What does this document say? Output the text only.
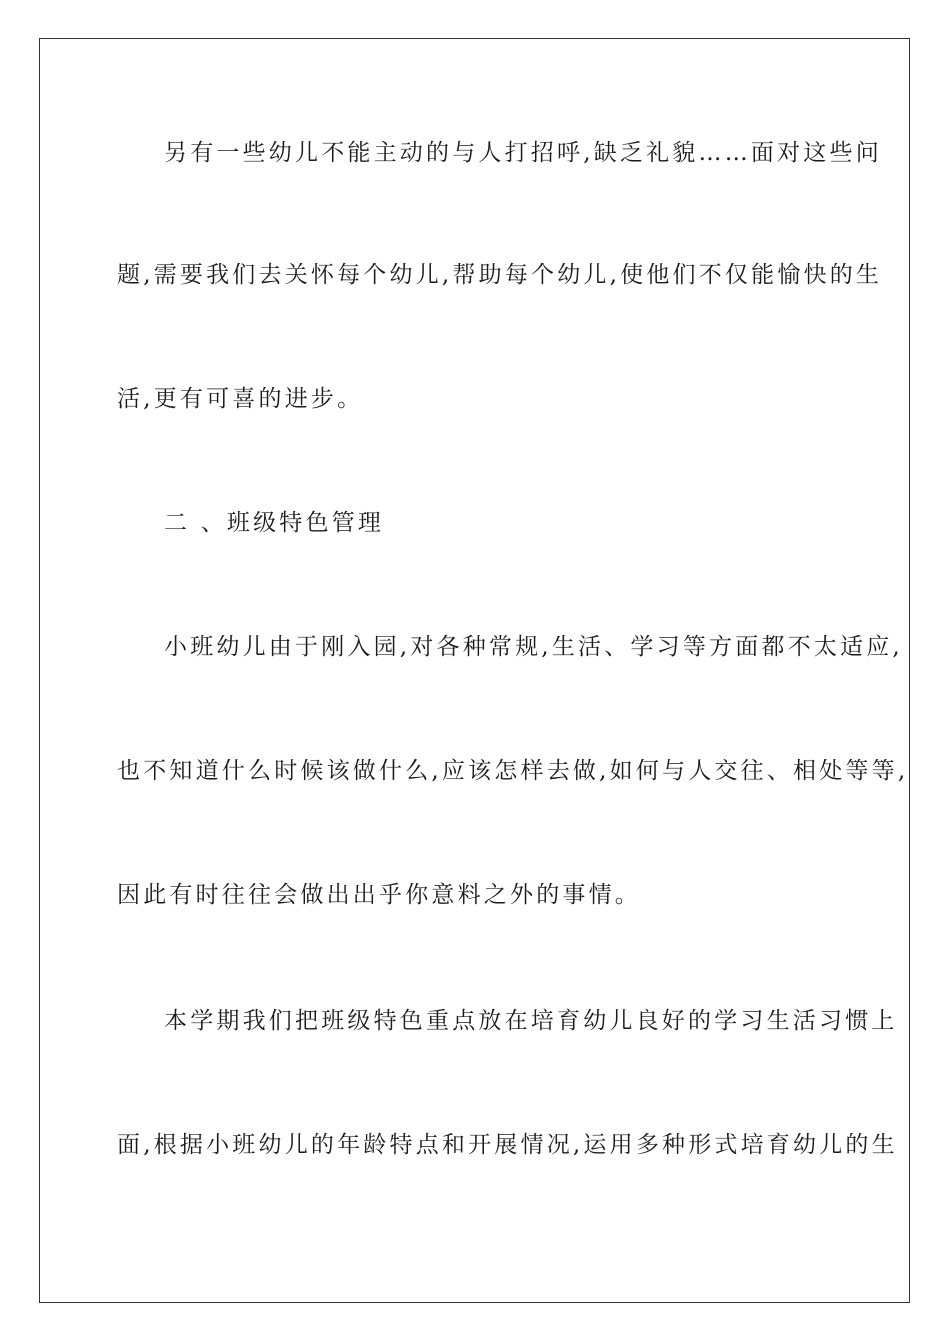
另有一些幼儿不能主动的与人打招呼,缺乏礼貌……面对这些问
题,需要我们去关怀每个幼儿,帮助每个幼儿,使他们不仅能愉快的生
活,更有可喜的进步。
二 、班级特色管理
小班幼儿由于刚入园,对各种常规,生活、学习等方面都不太适应,
也不知道什么时候该做什么,应该怎样去做,如何与人交往、相处等等,
因此有时往往会做出出乎你意料之外的事情。
本学期我们把班级特色重点放在培育幼儿良好的学习生活习惯上
面,根据小班幼儿的年龄特点和开展情况,运用多种形式培育幼儿的生
